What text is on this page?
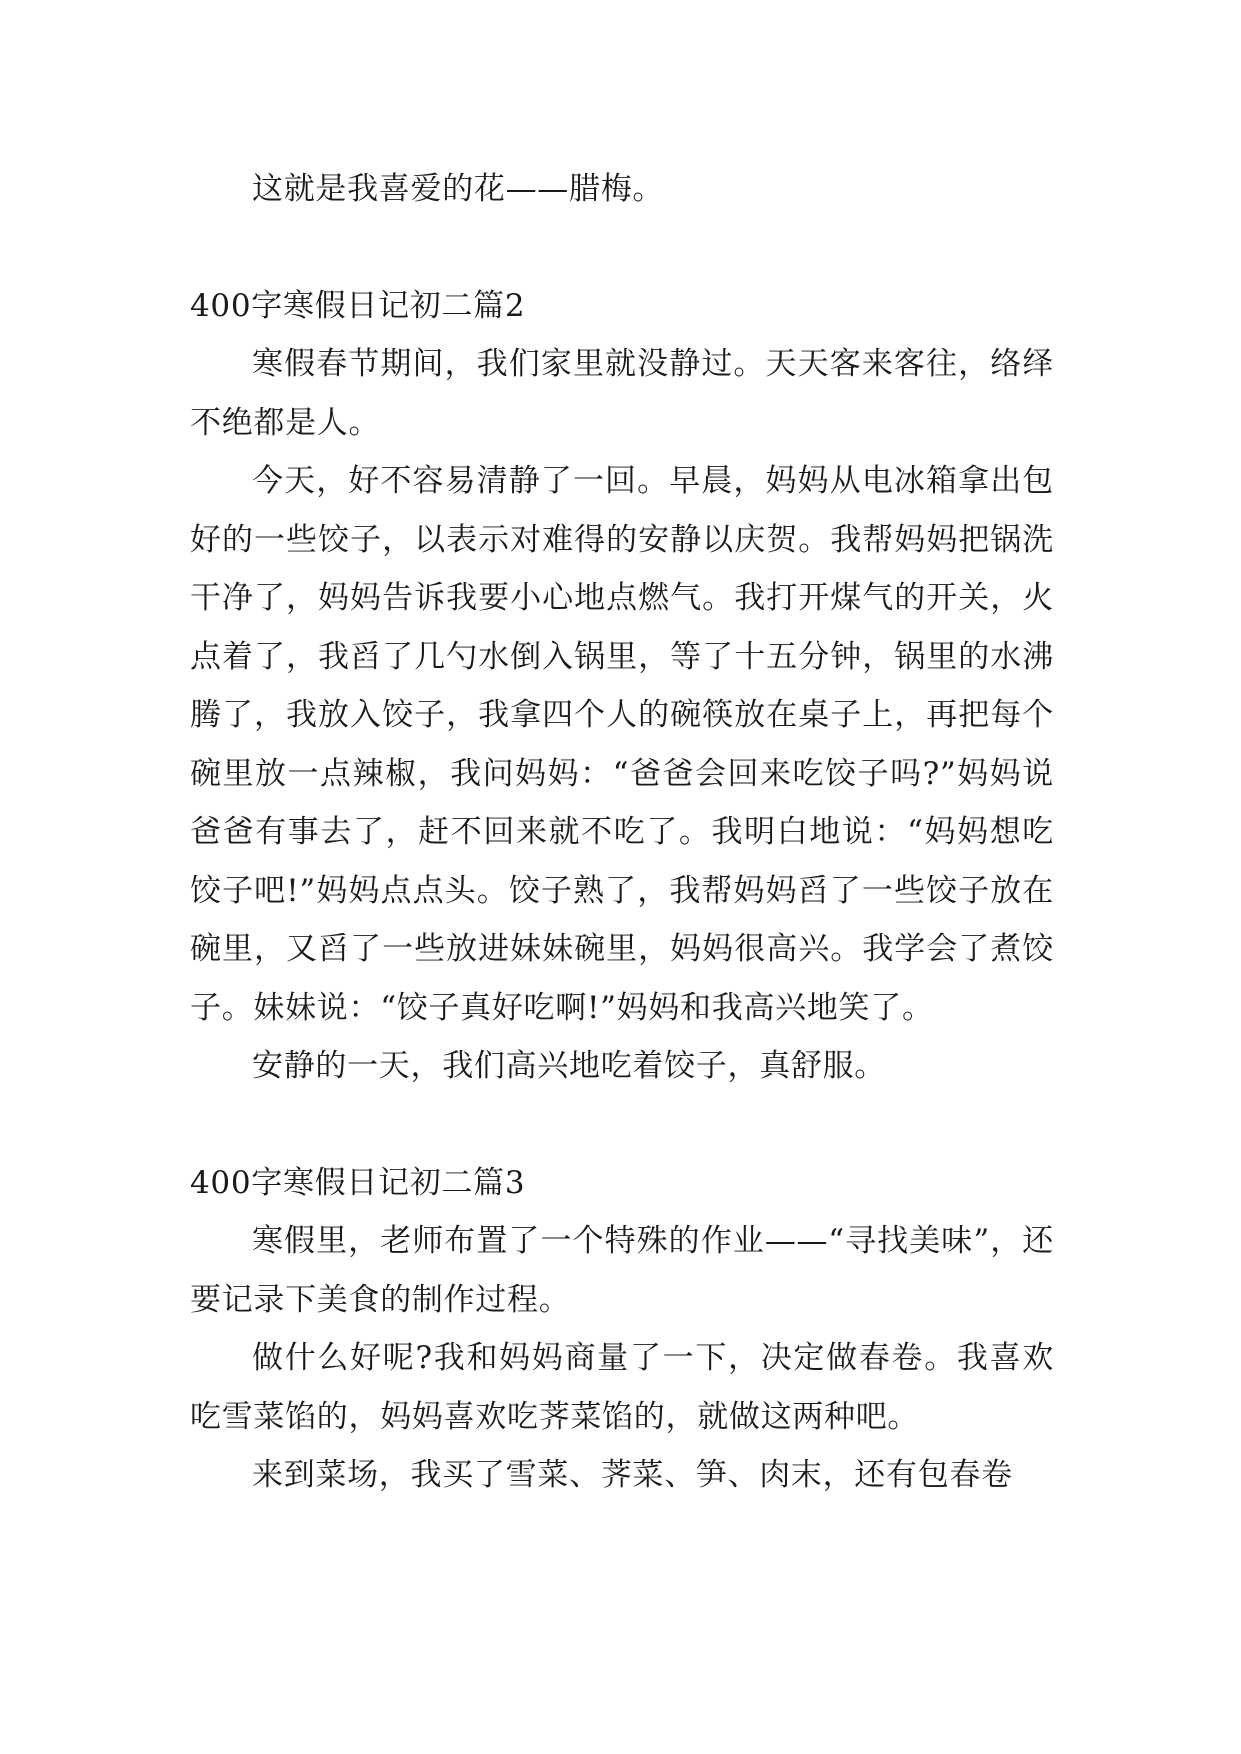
这就是我喜爱的花——腊梅。

400字寒假日记初二篇2

寒假春节期间，我们家里就没静过。天天客来客往，络绎不绝都是人。

今天，好不容易清静了一回。早晨，妈妈从电冰箱拿出包好的一些饺子，以表示对难得的安静以庆贺。我帮妈妈把锅洗干净了，妈妈告诉我要小心地点燃气。我打开煤气的开关，火点着了，我舀了几勺水倒入锅里，等了十五分钟，锅里的水沸腾了，我放入饺子，我拿四个人的碗筷放在桌子上，再把每个碗里放一点辣椒，我问妈妈：“爸爸会回来吃饺子吗?”妈妈说爸爸有事去了，赶不回来就不吃了。我明白地说：“妈妈想吃饺子吧!”妈妈点点头。饺子熟了，我帮妈妈舀了一些饺子放在碗里，又舀了一些放进妹妹碗里，妈妈很高兴。我学会了煮饺子。妹妹说：“饺子真好吃啊!”妈妈和我高兴地笑了。

安静的一天，我们高兴地吃着饺子，真舒服。

400字寒假日记初二篇3

寒假里，老师布置了一个特殊的作业——“寻找美味”，还要记录下美食的制作过程。

做什么好呢?我和妈妈商量了一下，决定做春卷。我喜欢吃雪菜馅的，妈妈喜欢吃荠菜馅的，就做这两种吧。

来到菜场，我买了雪菜、荠菜、笋、肉末，还有包春卷
